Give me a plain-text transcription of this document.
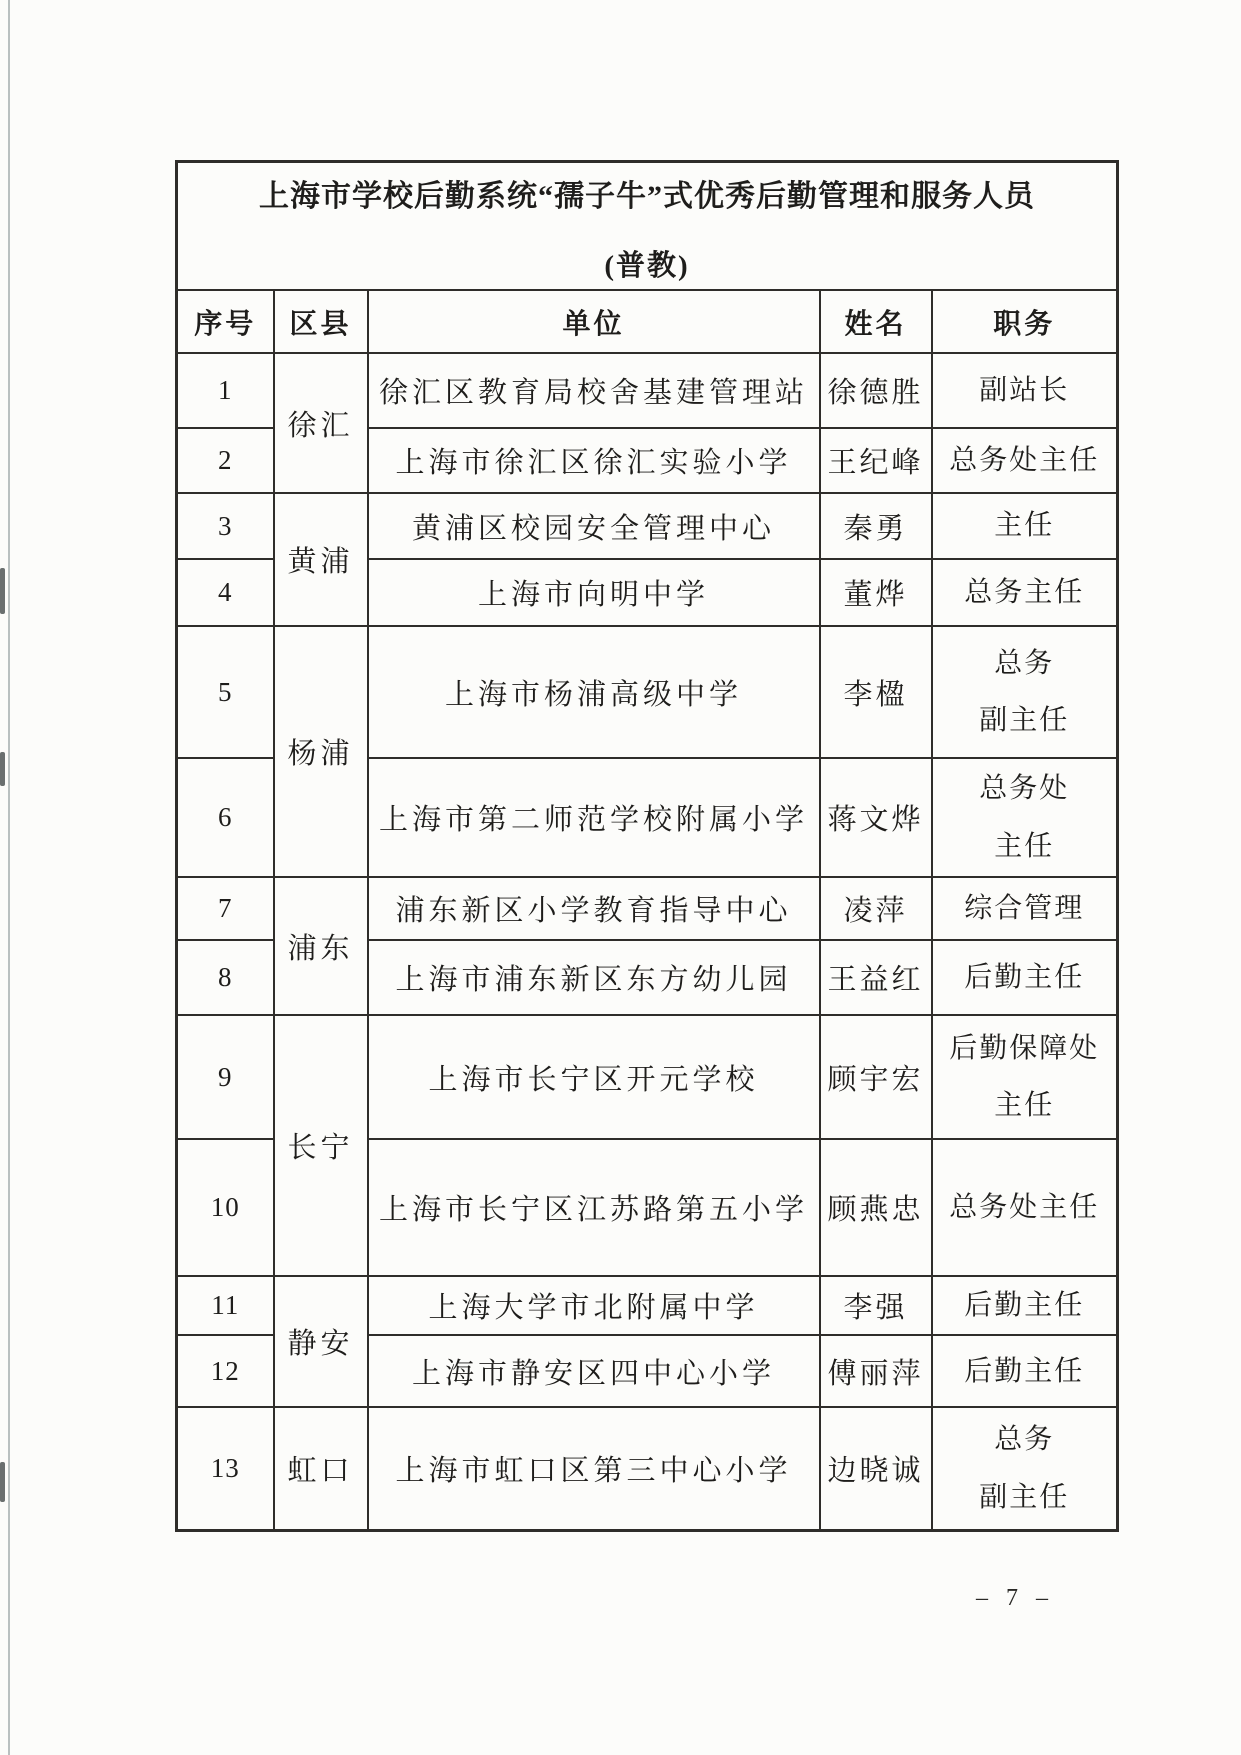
上海市学校后勤系统“孺子牛”式优秀后勤管理和服务人员
(普教)				

序号	区县	单位	姓名	职务
1	徐汇	徐汇区教育局校舍基建管理站	徐德胜	副站长

2		上海市徐汇区徐汇实验小学	王纪峰	总务处主任

3	黄浦	黄浦区校园安全管理中心	秦勇	主任

4		上海市向明中学	董烨	总务主任

5	杨浦	上海市杨浦高级中学	李楹	总务
副主任

6		上海市第二师范学校附属小学	蒋文烨	总务处
主任

7	浦东	浦东新区小学教育指导中心	凌萍	综合管理

8		上海市浦东新区东方幼儿园	王益红	后勤主任

9	长宁	上海市长宁区开元学校	顾宇宏	后勤保障处
主任

10		上海市长宁区江苏路第五小学	顾燕忠	总务处主任

11	静安	上海大学市北附属中学	李强	后勤主任

12		上海市静安区四中心小学	傅丽萍	后勤主任

13	虹口	上海市虹口区第三中心小学	边晓诚	总务
副主任
– 7 –
